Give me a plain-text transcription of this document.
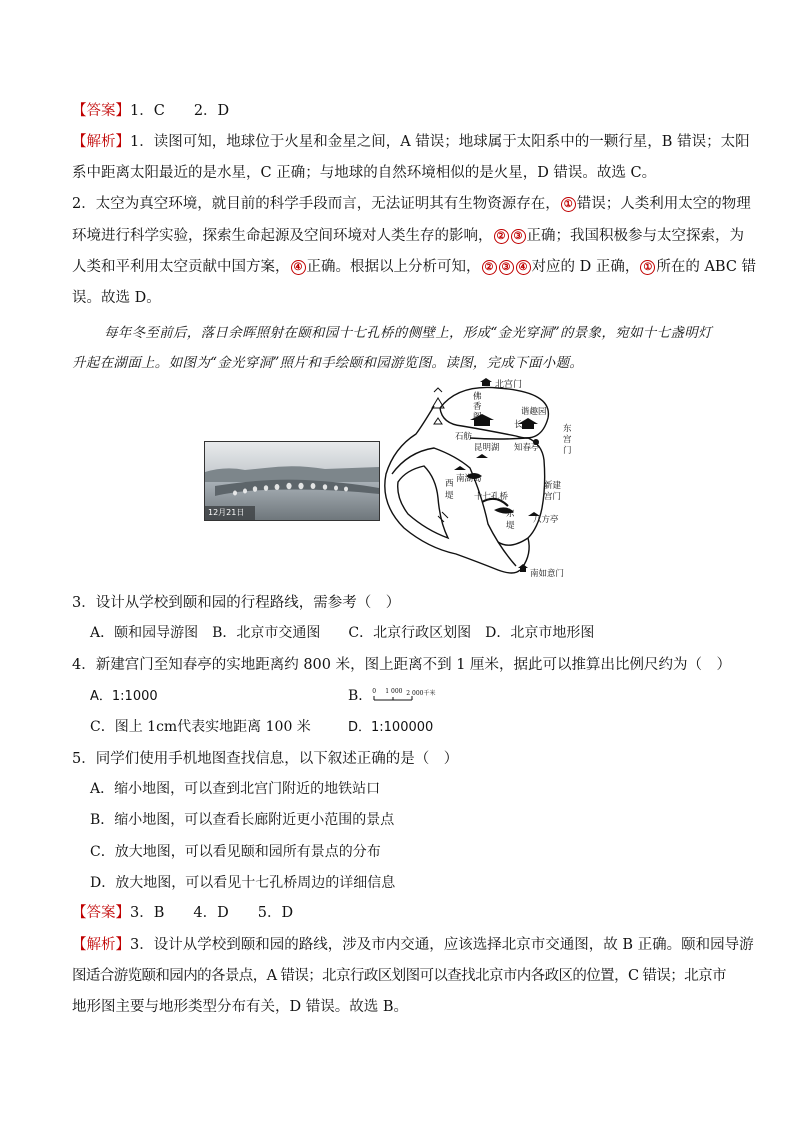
【答案】1．C　　2．D
【解析】1．读图可知，地球位于火星和金星之间，A 错误；地球属于太阳系中的一颗行星，B 错误；太阳
系中距离太阳最近的是水星，C 正确；与地球的自然环境相似的是火星，D 错误。故选 C。
2．太空为真空环境，就目前的科学手段而言，无法证明其有生物资源存在， ① 错误；人类利用太空的物理
环境进行科学实验，探索生命起源及空间环境对人类生存的影响， ② ③ 正确；我国积极参与太空探索，为
人类和平利用太空贡献中国方案， ④ 正确。根据以上分析可知， ② ③ ④ 对应的 D 正确， ① 所在的 ABC 错
误。故选 D。
每年冬至前后，落日余晖照射在颐和园十七孔桥的侧壁上，形成“金光穿洞”的景象，宛如十七盏明灯
升起在湖面上。如图为“金光穿洞”照片和手绘颐和园游览图。读图，完成下面小题。
12月21日
北宫门
佛香阁	谐趣园
长廊
石舫
昆明湖 知春亭
东宫门
南湖岛
新建宫门
西堤 十七孔桥
东堤
八方亭
南如意门
3．设计从学校到颐和园的行程路线，需参考（　）
A．颐和园导游图　B．北京市交通图　　C．北京行政区划图　D．北京市地形图
4．新建宫门至知春亭的实地距离约 800 米，图上距离不到 1 厘米，据此可以推算出比例尺约为（　）
A．1:1000	B． 0 1 000 2 000千米
C．图上 1cm代表实地距离 100 米	D．1:100000
5．同学们使用手机地图查找信息，以下叙述正确的是（　）
A．缩小地图，可以查到北宫门附近的地铁站口
B．缩小地图，可以查看长廊附近更小范围的景点
C．放大地图，可以看见颐和园所有景点的分布
D．放大地图，可以看见十七孔桥周边的详细信息
【答案】3．B　　4．D　　5．D
【解析】3．设计从学校到颐和园的路线，涉及市内交通，应该选择北京市交通图，故 B 正确。颐和园导游
图适合游览颐和园内的各景点，A 错误；北京行政区划图可以查找北京市内各政区的位置，C 错误；北京市
地形图主要与地形类型分布有关，D 错误。故选 B。
